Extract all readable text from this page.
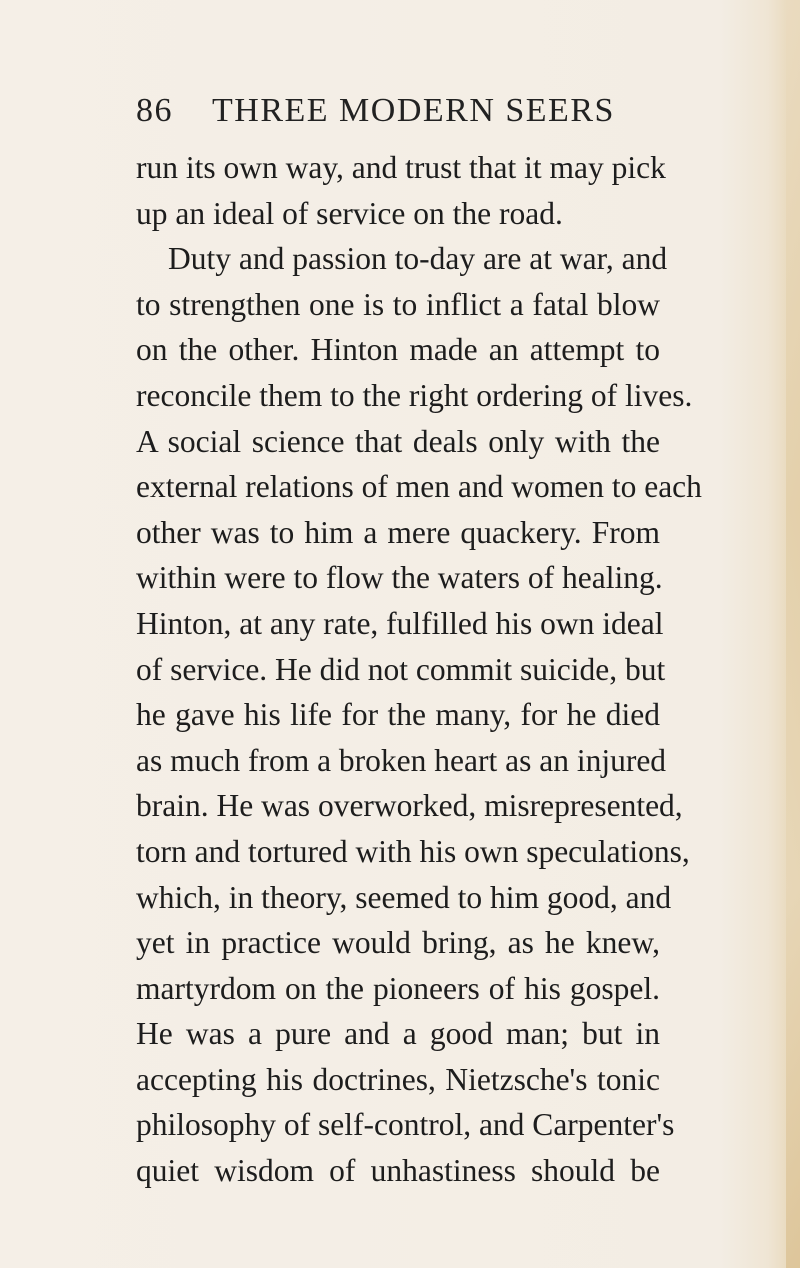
86 THREE MODERN SEERS
run its own way, and trust that it may pick
up an ideal of service on the road.
Duty and passion to-day are at war, and
to strengthen one is to inflict a fatal blow
on the other. Hinton made an attempt to
reconcile them to the right ordering of lives.
A social science that deals only with the
external relations of men and women to each
other was to him a mere quackery. From
within were to flow the waters of healing.
Hinton, at any rate, fulfilled his own ideal
of service. He did not commit suicide, but
he gave his life for the many, for he died
as much from a broken heart as an injured
brain. He was overworked, misrepresented,
torn and tortured with his own speculations,
which, in theory, seemed to him good, and
yet in practice would bring, as he knew,
martyrdom on the pioneers of his gospel.
He was a pure and a good man; but in
accepting his doctrines, Nietzsche's tonic
philosophy of self-control, and Carpenter's
quiet wisdom of unhastiness should be
